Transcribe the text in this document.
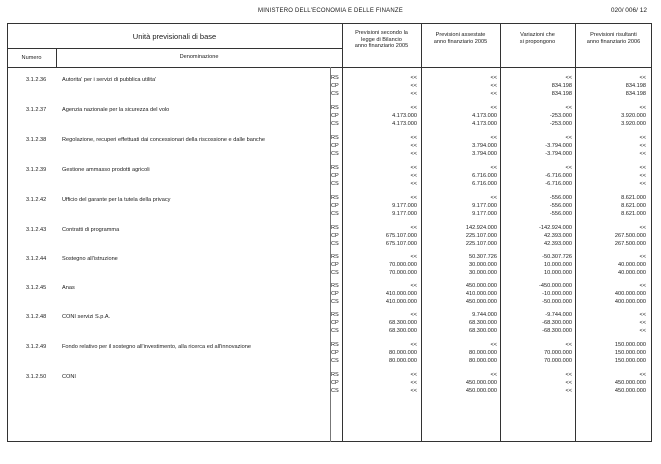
MINISTERO DELL'ECONOMIA E DELLE FINANZE	020/ 006/ 12
Unità previsionali di base
Numero	Denominazione
Previsioni secondo la
legge di Bilancio
anno finanziario 2005
Previsioni assestate
anno finanziario 2005
Variazioni che
si propongono
Previsioni risultanti
anno finanziario 2006
3.1.2.36	Autorita' per i servizi di pubblica utilita'	RS	<<	<<	<<	<<
CP	<<	<<	834.198	834.198
CS	<<	<<	834.198	834.198
3.1.2.37	Agenzia nazionale per la sicurezza del volo	RS	<<	<<	<<	<<
CP	4.173.000	4.173.000	-253.000	3.920.000
CS	4.173.000	4.173.000	-253.000	3.920.000
3.1.2.38	Regolazione, recuperi effettuati dai concessionari della riscossione e dalle banche	RS	<<	<<	<<	<<
CP	<<	3.794.000	-3.794.000	<<
CS	<<	3.794.000	-3.794.000	<<
3.1.2.39	Gestione ammasso prodotti agricoli	RS	<<	<<	<<	<<
CP	<<	6.716.000	-6.716.000	<<
CS	<<	6.716.000	-6.716.000	<<
3.1.2.42	Ufficio del garante per la tutela della privacy	RS	<<	<<	-556.000	8.621.000
CP	9.177.000	9.177.000	-556.000	8.621.000
CS	9.177.000	9.177.000	-556.000	8.621.000
3.1.2.43	Contratti di programma	RS	<<	142.924.000	-142.924.000	<<
CP	675.107.000	225.107.000	42.393.000	267.500.000
CS	675.107.000	225.107.000	42.393.000	267.500.000
3.1.2.44	Sostegno all'istruzione	RS	<<	50.307.726	-50.307.726	<<
CP	70.000.000	30.000.000	10.000.000	40.000.000
CS	70.000.000	30.000.000	10.000.000	40.000.000
3.1.2.45	Anas	RS	<<	450.000.000	-450.000.000	<<
CP	410.000.000	410.000.000	-10.000.000	400.000.000
CS	410.000.000	450.000.000	-50.000.000	400.000.000
3.1.2.48	CONI servizi S.p.A.	RS	<<	9.744.000	-9.744.000	<<
CP	68.300.000	68.300.000	-68.300.000	<<
CS	68.300.000	68.300.000	-68.300.000	<<
3.1.2.49	Fondo relativo per il sostegno all'investimento, alla ricerca ed all'innovazione	RS	<<	<<	<<	150.000.000
CP	80.000.000	80.000.000	70.000.000	150.000.000
CS	80.000.000	80.000.000	70.000.000	150.000.000
3.1.2.50	CONI	RS	<<	<<	<<	<<
CP	<<	450.000.000	<<	450.000.000
CS	<<	450.000.000	<<	450.000.000
